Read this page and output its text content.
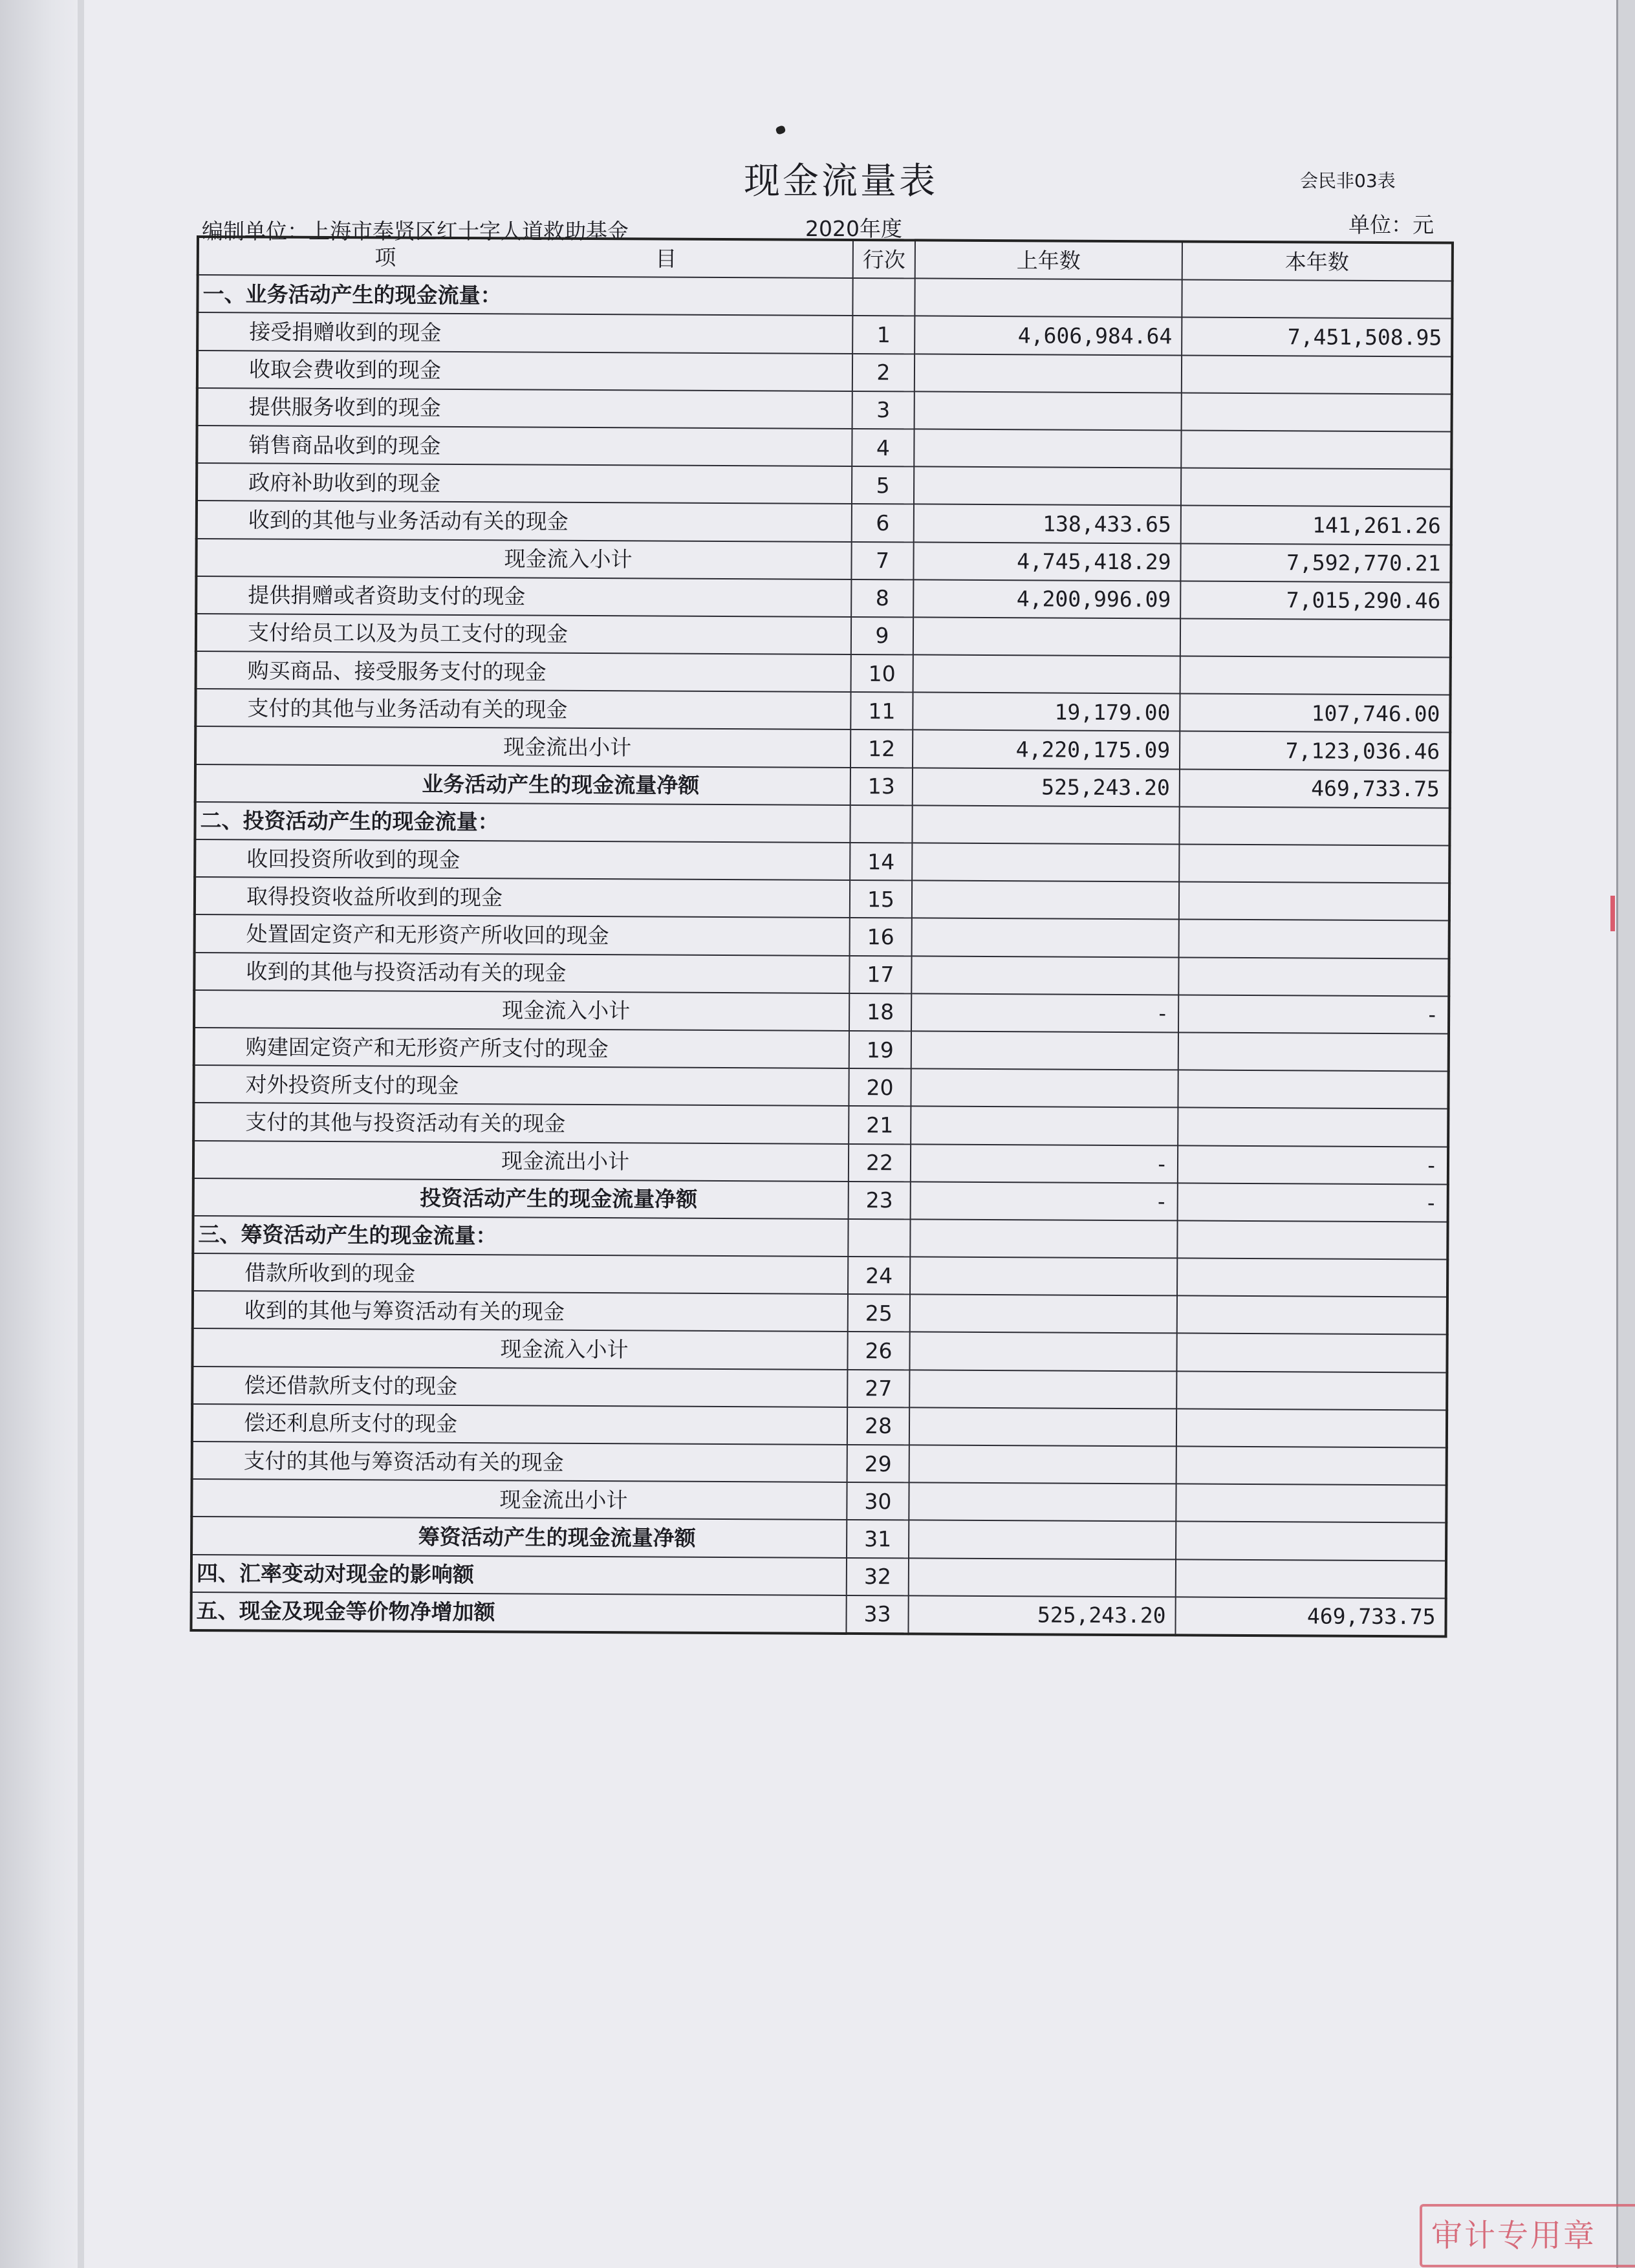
现金流量表	会民非03表
编制单位：上海市奉贤区红十字人道救助基金	2020年度	单位：元
项 目	行次	上年数	本年数
一、业务活动产生的现金流量：			
接受捐赠收到的现金	1	4,606,984.64	7,451,508.95
收取会费收到的现金	2		
提供服务收到的现金	3		
销售商品收到的现金	4		
政府补助收到的现金	5		
收到的其他与业务活动有关的现金	6	138,433.65	141,261.26
现金流入小计	7	4,745,418.29	7,592,770.21
提供捐赠或者资助支付的现金	8	4,200,996.09	7,015,290.46
支付给员工以及为员工支付的现金	9		
购买商品、接受服务支付的现金	10		
支付的其他与业务活动有关的现金	11	19,179.00	107,746.00
现金流出小计	12	4,220,175.09	7,123,036.46
业务活动产生的现金流量净额	13	525,243.20	469,733.75
二、投资活动产生的现金流量：			
收回投资所收到的现金	14		
取得投资收益所收到的现金	15		
处置固定资产和无形资产所收回的现金	16		
收到的其他与投资活动有关的现金	17		
现金流入小计	18	-	-
购建固定资产和无形资产所支付的现金	19		
对外投资所支付的现金	20		
支付的其他与投资活动有关的现金	21		
现金流出小计	22	-	-
投资活动产生的现金流量净额	23	-	-
三、筹资活动产生的现金流量：			
借款所收到的现金	24		
收到的其他与筹资活动有关的现金	25		
现金流入小计	26		
偿还借款所支付的现金	27		
偿还利息所支付的现金	28		
支付的其他与筹资活动有关的现金	29		
现金流出小计	30		
筹资活动产生的现金流量净额	31		
四、汇率变动对现金的影响额	32		
五、现金及现金等价物净增加额	33	525,243.20	469,733.75
审计专用章
